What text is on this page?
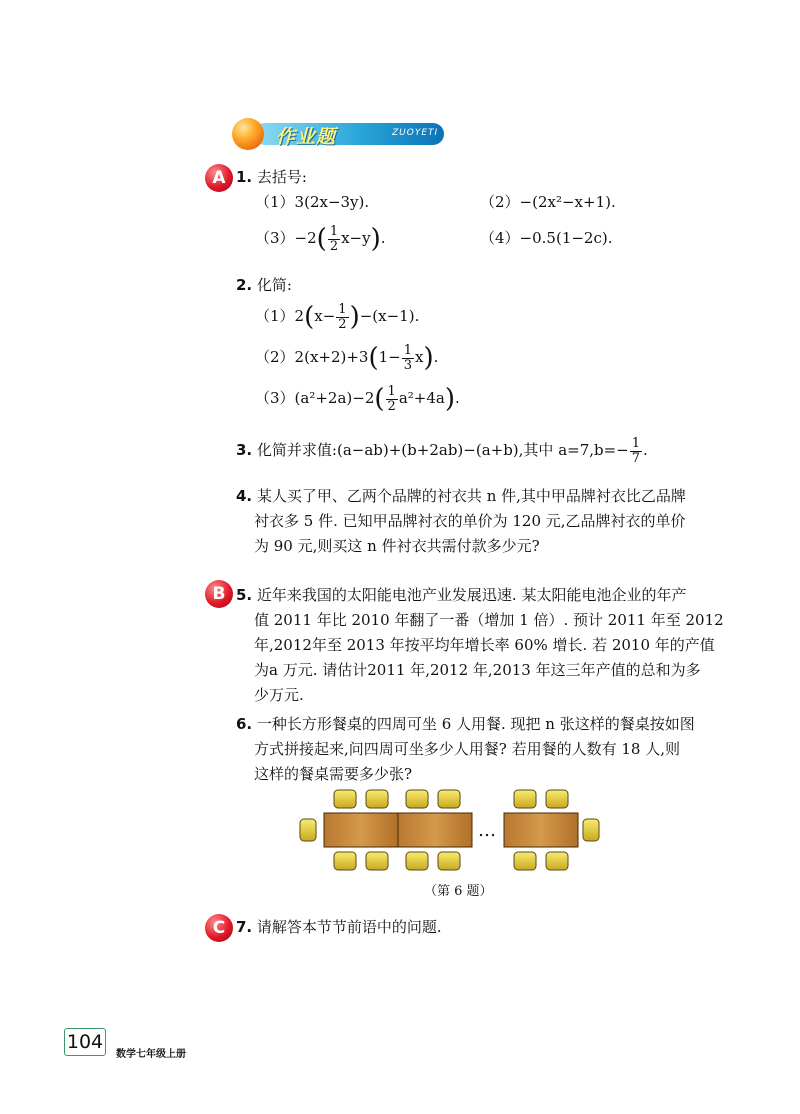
作业题	ZUOYETI
A 1. 去括号:
（1）3(2x−3y).	（2）−(2x²−x+1).
$(3)-2( \frac{1}{2} x-y)$.	（4）−0.5(1−2c).
2. 化简:
$(1)2(x- \frac{1}{2} )-(x-1)$.
$(2)2(x+2)+3(1- \frac{1}{3} x)$.
$(3)(a^2+2a)-2( \frac{1}{2} a^2+4a)$.
3. 化简并求值:(a−ab)+(b+2ab)−(a+b),其中 $a=7,b=- \frac{1}{7}$ .
4. 某人买了甲、乙两个品牌的衬衣共 n 件,其中甲品牌衬衣比乙品牌
衬衣多 5 件. 已知甲品牌衬衣的单价为 120 元,乙品牌衬衣的单价
为 90 元,则买这 n 件衬衣共需付款多少元?
B 5. 近年来我国的太阳能电池产业发展迅速. 某太阳能电池企业的年产
值 2011 年比 2010 年翻了一番（增加 1 倍）. 预计 2011 年至 2012
年,2012年至 2013 年按平均年增长率 60% 增长. 若 2010 年的产值
为a 万元. 请估计2011 年,2012 年,2013 年这三年产值的总和为多
少万元.
6. 一种长方形餐桌的四周可坐 6 人用餐. 现把 n 张这样的餐桌按如图
方式拼接起来,问四周可坐多少人用餐? 若用餐的人数有 18 人,则
这样的餐桌需要多少张?
…
（第 6 题）
C 7. 请解答本节节前语中的问题.
104
数学七年级上册
